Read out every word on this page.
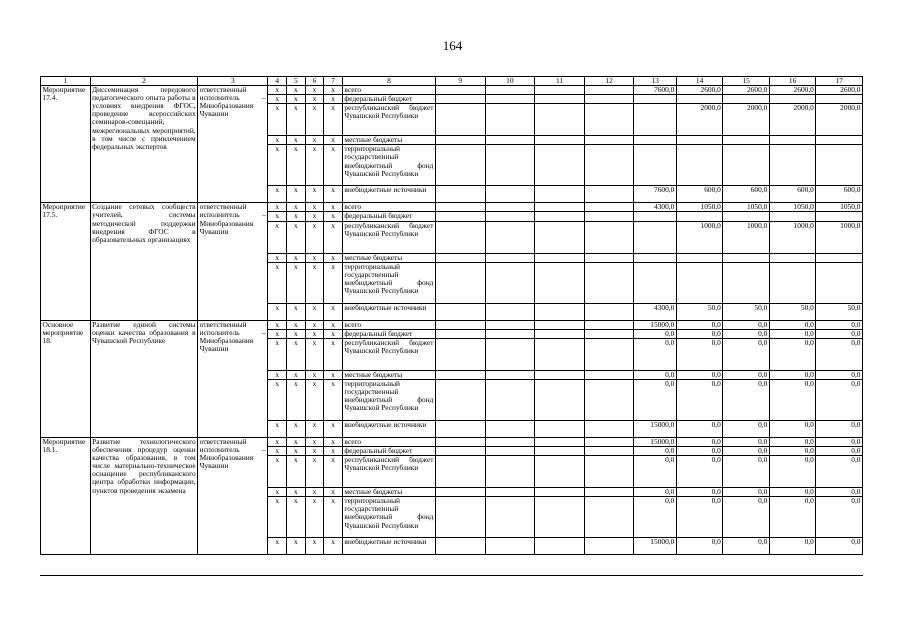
164
1	2	3	4	5	6	7	8	9	10	11	12	13	14	15	16	17
Мероприятие 17.4.	Диссеминация передового педагогического опыта работы в условиях внедрения ФГОС, проведение всероссийских семинаров-совещаний, межрегиональных мероприятий, в том числе с привлечением федеральных экспертов	ответственный исполнитель – Минобразования Чувашии	x	x	x	x	всего					7600,0	2600,0	2600,0	2600,0	2600,0
			x	x	x	x	федеральный бюджет									
			x	x	x	x	республиканский бюджет Чувашской Республики						2000,0	2000,0	2000,0	2000,0
			x	x	x	x	местные бюджеты									
			x	x	x	x	территориальный государственный внебюджетный фонд Чувашской Республики									
			x	x	x	x	внебюджетные источники					7600,0	600,0	600,0	600,0	600,0
Мероприятие 17.5.	Создание сетевых сообществ учителей, системы методической поддержки внедрения ФГОС в образовательных организациях	ответственный исполнитель – Минобразования Чувашии	x	x	x	x	всего					4300,0	1050,0	1050,0	1050,0	1050,0
			x	x	x	x	федеральный бюджет									
			x	x	x	x	республиканский бюджет Чувашской Республики						1000,0	1000,0	1000,0	1000,0
			x	x	x	x	местные бюджеты									
			x	x	x	x	территориальный государственный внебюджетный фонд Чувашской Республики									
			x	x	x	x	внебюджетные источники					4300,0	50,0	50,0	50,0	50,0
Основное мероприятие 18.	Развитие единой системы оценки качества образования в Чувашской Республике	ответственный исполнитель – Минобразования Чувашии	x	x	x	x	всего					15000,0	0,0	0,0	0,0	0,0
			x	x	x	x	федеральный бюджет					0,0	0,0	0,0	0,0	0,0
			x	x	x	x	республиканский бюджет Чувашской Республики					0,0	0,0	0,0	0,0	0,0
			x	x	x	x	местные бюджеты					0,0	0,0	0,0	0,0	0,0
			x	x	x	x	территориальный государственный внебюджетный фонд Чувашской Республики					0,0	0,0	0,0	0,0	0,0
			x	x	x	x	внебюджетные источники					15000,0	0,0	0,0	0,0	0,0
Мероприятие 18.1.	Развитие технологического обеспечения процедур оценки качества образования, в том числе материально-техническое оснащение республиканского центра обработки информации, пунктов проведения экзамена	ответственный исполнитель – Минобразования Чувашии	x	x	x	x	всего					15000,0	0,0	0,0	0,0	0,0
			x	x	x	x	федеральный бюджет					0,0	0,0	0,0	0,0	0,0
			x	x	x	x	республиканский бюджет Чувашской Республики					0,0	0,0	0,0	0,0	0,0
			x	x	x	x	местные бюджеты					0,0	0,0	0,0	0,0	0,0
			x	x	x	x	территориальный государственный внебюджетный фонд Чувашской Республики					0,0	0,0	0,0	0,0	0,0
			x	x	x	x	внебюджетные источники					15000,0	0,0	0,0	0,0	0,0
